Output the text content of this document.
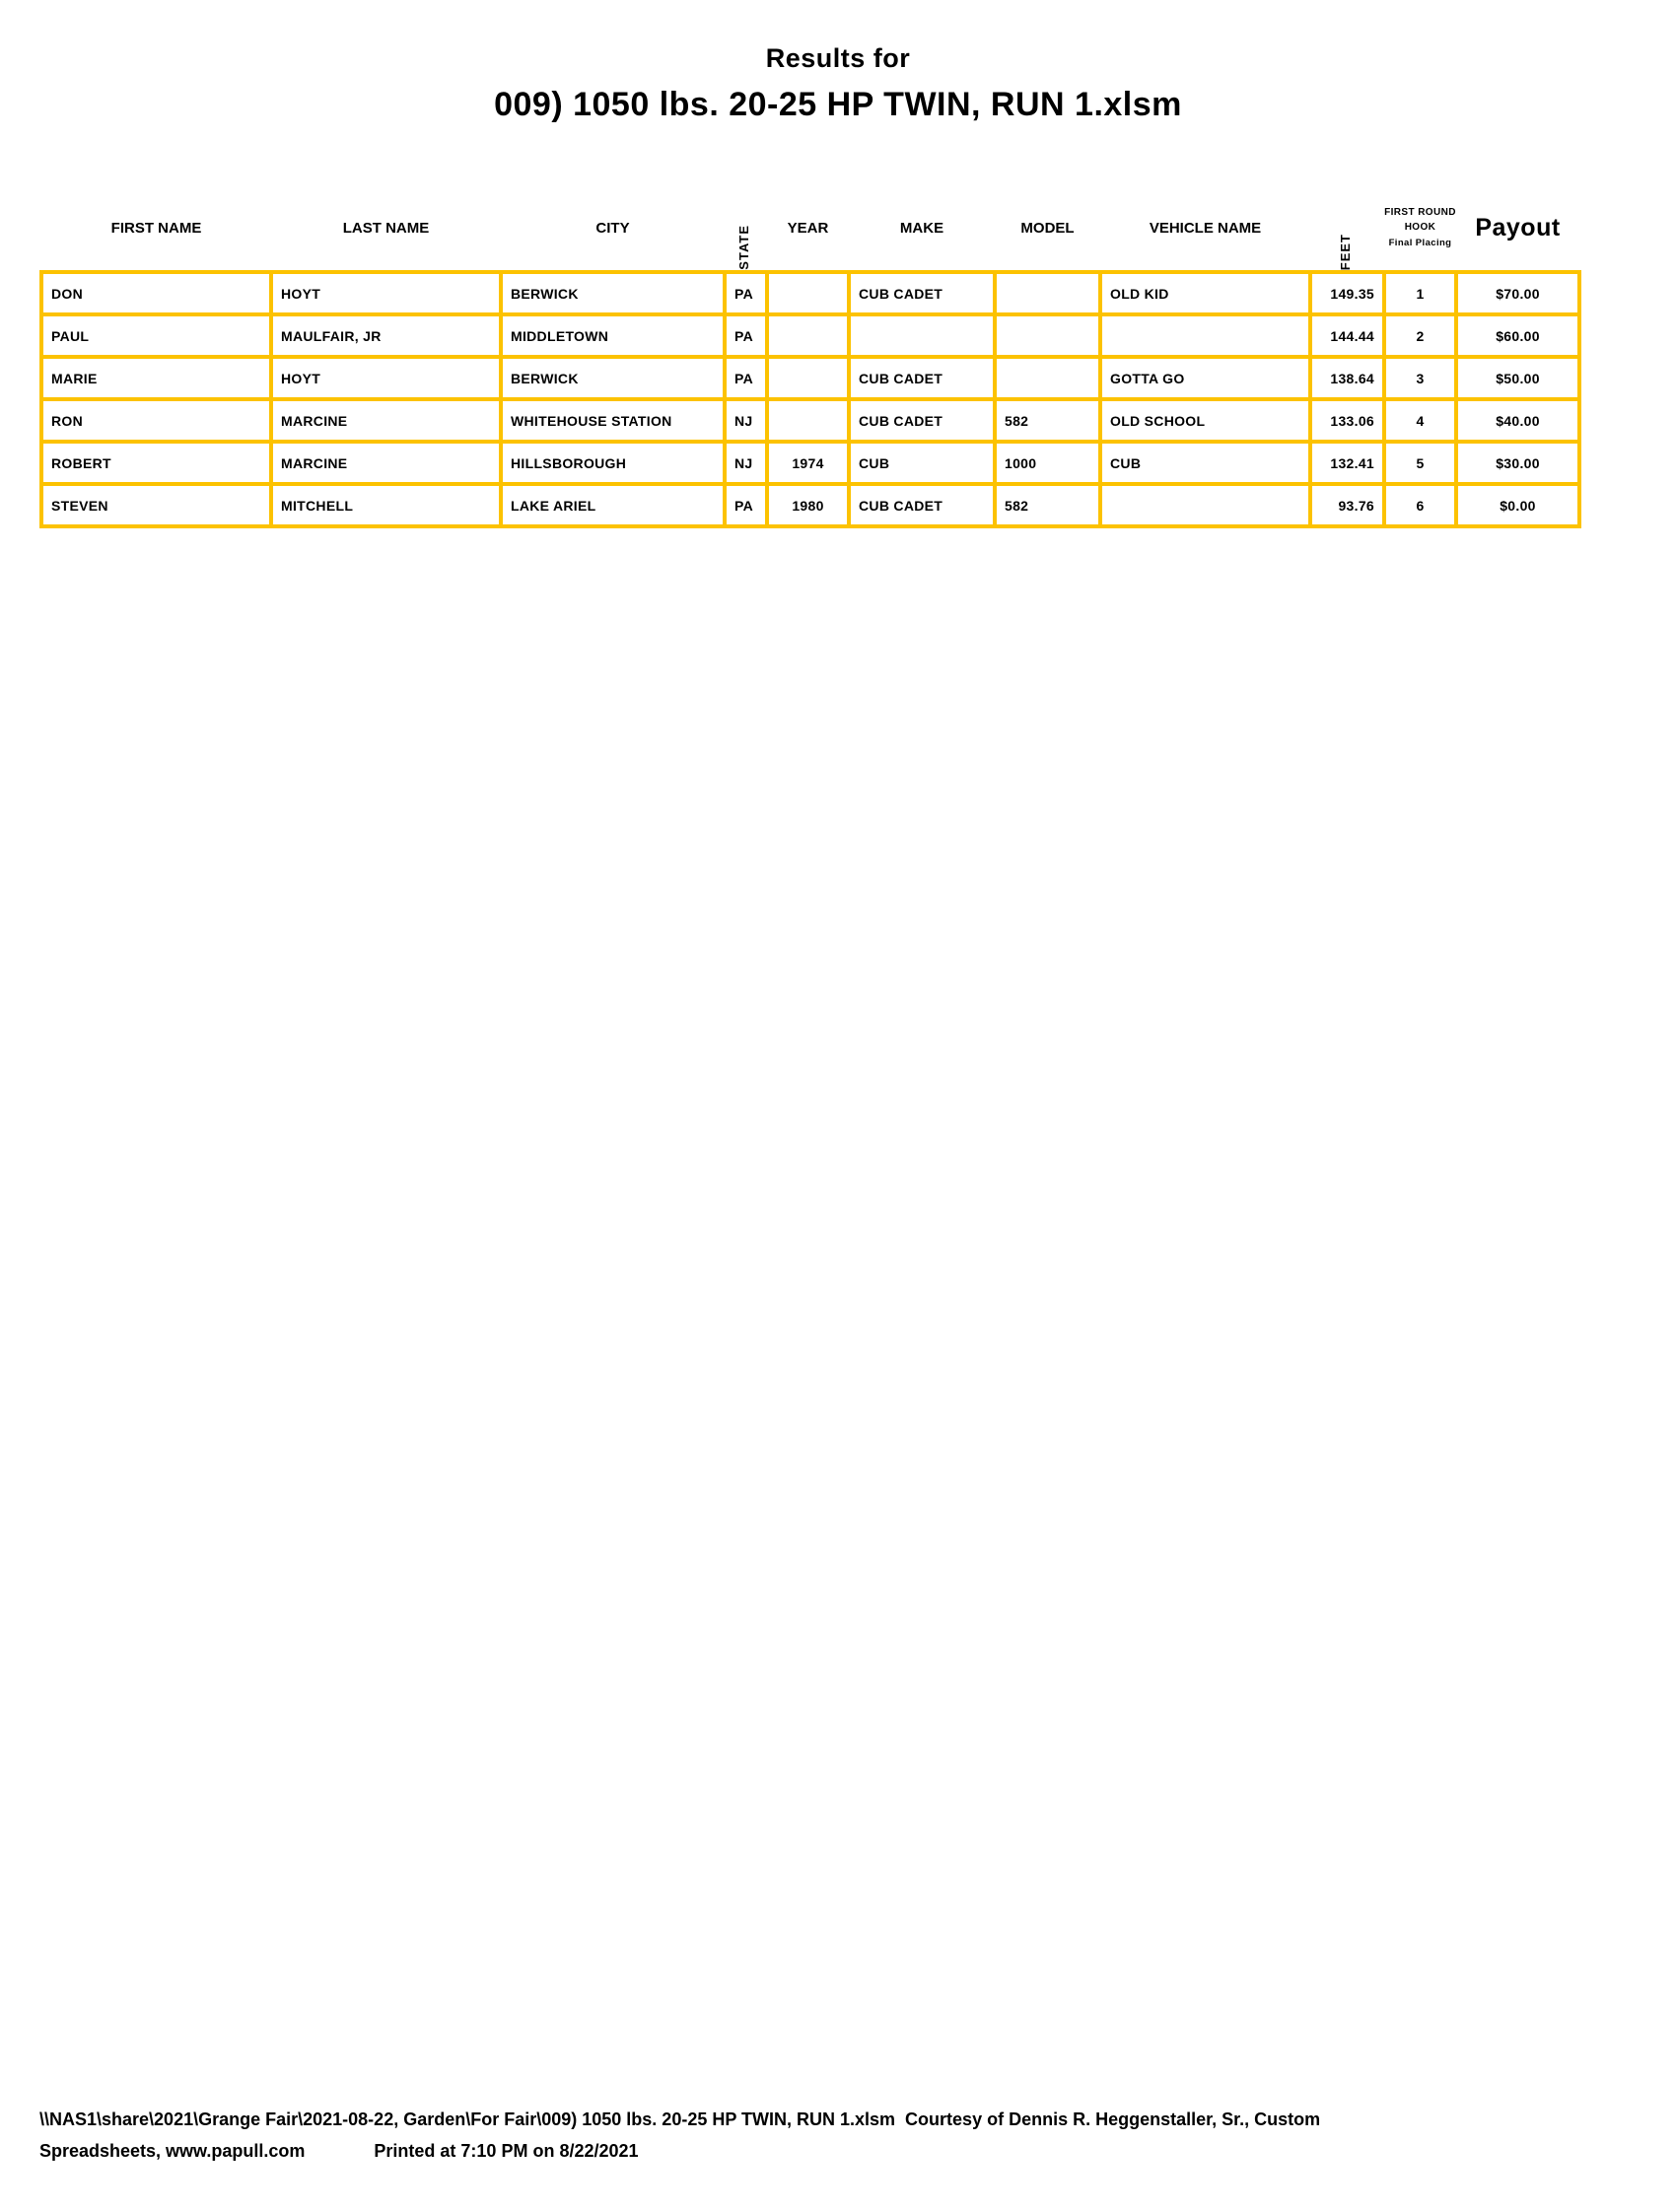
Results for
009) 1050 lbs. 20-25 HP TWIN, RUN 1.xlsm
FIRST NAME	LAST NAME	CITY	STATE	YEAR	MAKE	MODEL	VEHICLE NAME	FEET	FIRST ROUND
HOOK
Final Placing	Payout
DON	HOYT	BERWICK	PA		CUB CADET		OLD KID	149.35	1	$70.00
PAUL	MAULFAIR, JR	MIDDLETOWN	PA					144.44	2	$60.00
MARIE	HOYT	BERWICK	PA		CUB CADET		GOTTA GO	138.64	3	$50.00
RON	MARCINE	WHITEHOUSE STATION	NJ		CUB CADET	582	OLD SCHOOL	133.06	4	$40.00
ROBERT	MARCINE	HILLSBOROUGH	NJ	1974	CUB	1000	CUB	132.41	5	$30.00
STEVEN	MITCHELL	LAKE ARIEL	PA	1980	CUB CADET	582		93.76	6	$0.00
\\NAS1\share\2021\Grange Fair\2021-08-22, Garden\For Fair\009) 1050 lbs. 20-25 HP TWIN, RUN 1.xlsm  Courtesy of Dennis R. Heggenstaller, Sr., Custom
Spreadsheets, www.papull.com	Printed at 7:10 PM on 8/22/2021
